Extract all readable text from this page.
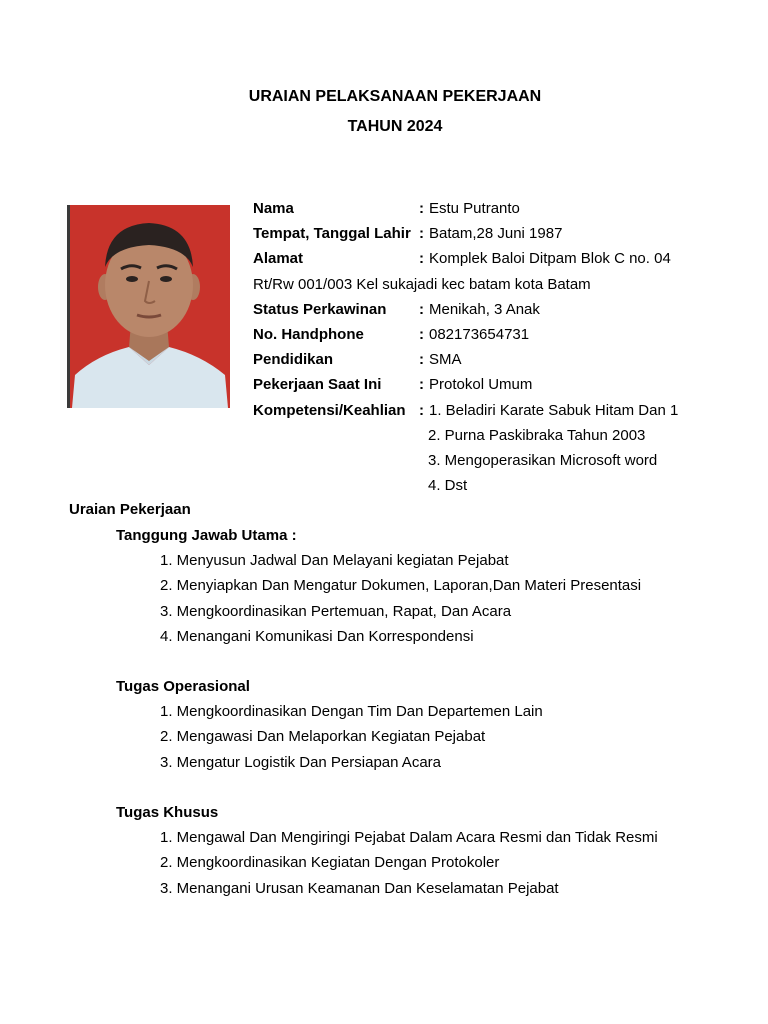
URAIAN PELAKSANAAN PEKERJAAN
TAHUN 2024
Nama	: Estu Putranto
Tempat, Tanggal Lahir : Batam,28 Juni 1987
Alamat	: Komplek Baloi Ditpam Blok C no. 04
Rt/Rw 001/003 Kel sukajadi kec batam kota Batam
Status Perkawinan	: Menikah, 3 Anak
No. Handphone	: 082173654731
Pendidikan	: SMA
Pekerjaan Saat Ini	: Protokol Umum
Kompetensi/Keahlian : 1. Beladiri Karate Sabuk Hitam Dan 1
2. Purna Paskibraka Tahun 2003
3. Mengoperasikan Microsoft word
4. Dst
Uraian Pekerjaan
Tanggung Jawab Utama :
1. Menyusun Jadwal Dan Melayani kegiatan Pejabat
2. Menyiapkan Dan Mengatur Dokumen, Laporan,Dan Materi Presentasi
3. Mengkoordinasikan Pertemuan, Rapat, Dan Acara
4. Menangani Komunikasi Dan Korrespondensi
Tugas Operasional
1. Mengkoordinasikan Dengan Tim Dan Departemen Lain
2. Mengawasi Dan Melaporkan Kegiatan Pejabat
3. Mengatur Logistik Dan Persiapan Acara
Tugas Khusus
1. Mengawal Dan Mengiringi Pejabat Dalam Acara Resmi dan Tidak Resmi
2. Mengkoordinasikan Kegiatan Dengan Protokoler
3. Menangani Urusan Keamanan Dan Keselamatan Pejabat
